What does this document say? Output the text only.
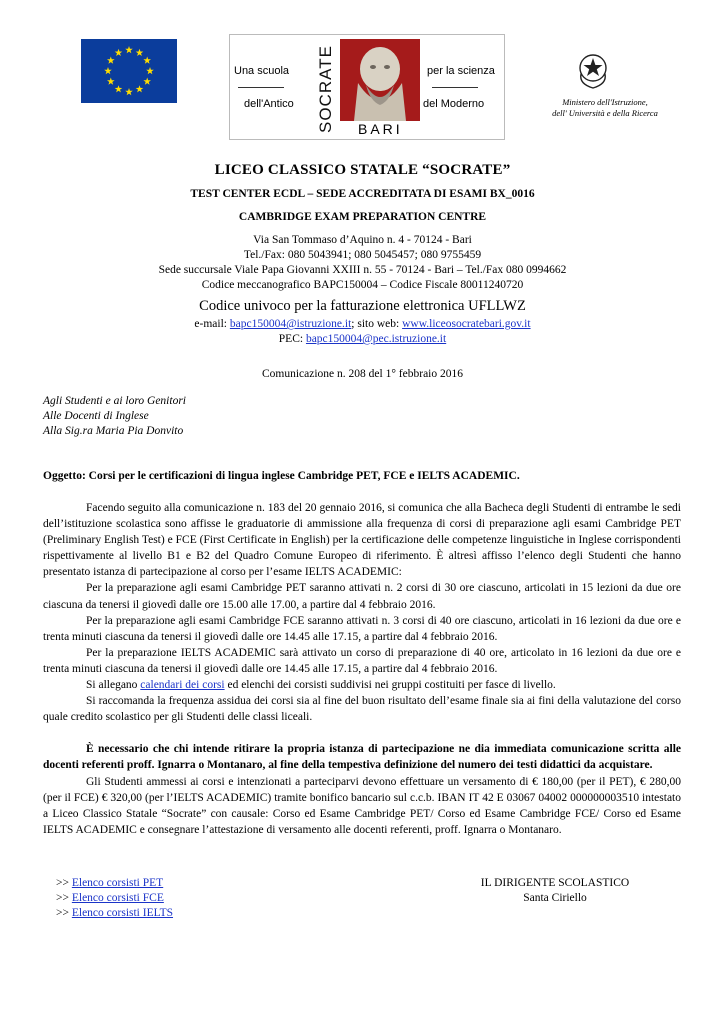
Una scuola
dell'Antico SOCRATE BARI
per la scienza
del Moderno	Ministero dell'Istruzione,
dell' Università e della Ricerca
LICEO CLASSICO STATALE “SOCRATE”
TEST CENTER ECDL – SEDE ACCREDITATA DI ESAMI BX_0016
CAMBRIDGE EXAM PREPARATION CENTRE
Via San Tommaso d’Aquino n. 4 - 70124 - Bari
Tel./Fax: 080 5043941; 080 5045457; 080 9755459
Sede succursale Viale Papa Giovanni XXIII n. 55 - 70124 - Bari – Tel./Fax 080 0994662
Codice meccanografico BAPC150004 – Codice Fiscale 80011240720
Codice univoco per la fatturazione elettronica UFLLWZ
e-mail: bapc150004@istruzione.it; sito web: www.liceosocratebari.gov.it
PEC: bapc150004@pec.istruzione.it
Comunicazione n. 208 del 1° febbraio 2016
Agli Studenti e ai loro Genitori
Alle Docenti di Inglese
Alla Sig.ra Maria Pia Donvito
Oggetto: Corsi per le certificazioni di lingua inglese Cambridge PET, FCE e IELTS ACADEMIC.

Facendo seguito alla comunicazione n. 183 del 20 gennaio 2016, si comunica che alla Bacheca degli Studenti di entrambe le sedi dell’istituzione scolastica sono affisse le graduatorie di ammissione alla frequenza di corsi di preparazione agli esami Cambridge PET (Preliminary English Test) e FCE (First Certificate in English) per la certificazione delle competenze linguistiche in Inglese corrispondenti rispettivamente al livello B1 e B2 del Quadro Comune Europeo di riferimento. È altresì affisso l’elenco degli Studenti che hanno presentato istanza di partecipazione al corso per l’esame IELTS ACADEMIC:

Per la preparazione agli esami Cambridge PET saranno attivati n. 2 corsi di 30 ore ciascuno, articolati in 15 lezioni da due ore ciascuna da tenersi il giovedì dalle ore 15.00 alle 17.00, a partire dal 4 febbraio 2016.

Per la preparazione agli esami Cambridge FCE saranno attivati n. 3 corsi di 40 ore ciascuno, articolati in 16 lezioni da due ore e trenta minuti ciascuna da tenersi il giovedì dalle ore 14.45 alle 17.15, a partire dal 4 febbraio 2016.

Per la preparazione IELTS ACADEMIC sarà attivato un corso di preparazione di 40 ore, articolato in 16 lezioni da due ore e trenta minuti ciascuna da tenersi il giovedì dalle ore 14.45 alle 17.15, a partire dal 4 febbraio 2016.

Si allegano calendari dei corsi ed elenchi dei corsisti suddivisi nei gruppi costituiti per fasce di livello.

Si raccomanda la frequenza assidua dei corsi sia al fine del buon risultato dell’esame finale sia ai fini della valutazione del corso quale credito scolastico per gli Studenti delle classi liceali.

È necessario che chi intende ritirare la propria istanza di partecipazione ne dia immediata comunicazione scritta alle docenti referenti proff. Ignarra o Montanaro, al fine della tempestiva definizione del numero dei testi didattici da acquistare.

Gli Studenti ammessi ai corsi e intenzionati a parteciparvi devono effettuare un versamento di € 180,00 (per il PET), € 280,00 (per il FCE) € 320,00 (per l’IELTS ACADEMIC) tramite bonifico bancario sul c.c.b. IBAN IT 42 E 03067 04002 000000003510 intestato a Liceo Classico Statale “Socrate” con causale: Corso ed Esame Cambridge PET/ Corso ed Esame Cambridge FCE/ Corso ed Esame IELTS ACADEMIC e consegnare l’attestazione di versamento alle docenti referenti, proff. Ignarra o Montanaro.

>> Elenco corsisti PET
>> Elenco corsisti FCE
>> Elenco corsisti IELTS
IL DIRIGENTE SCOLASTICO
Santa Ciriello
